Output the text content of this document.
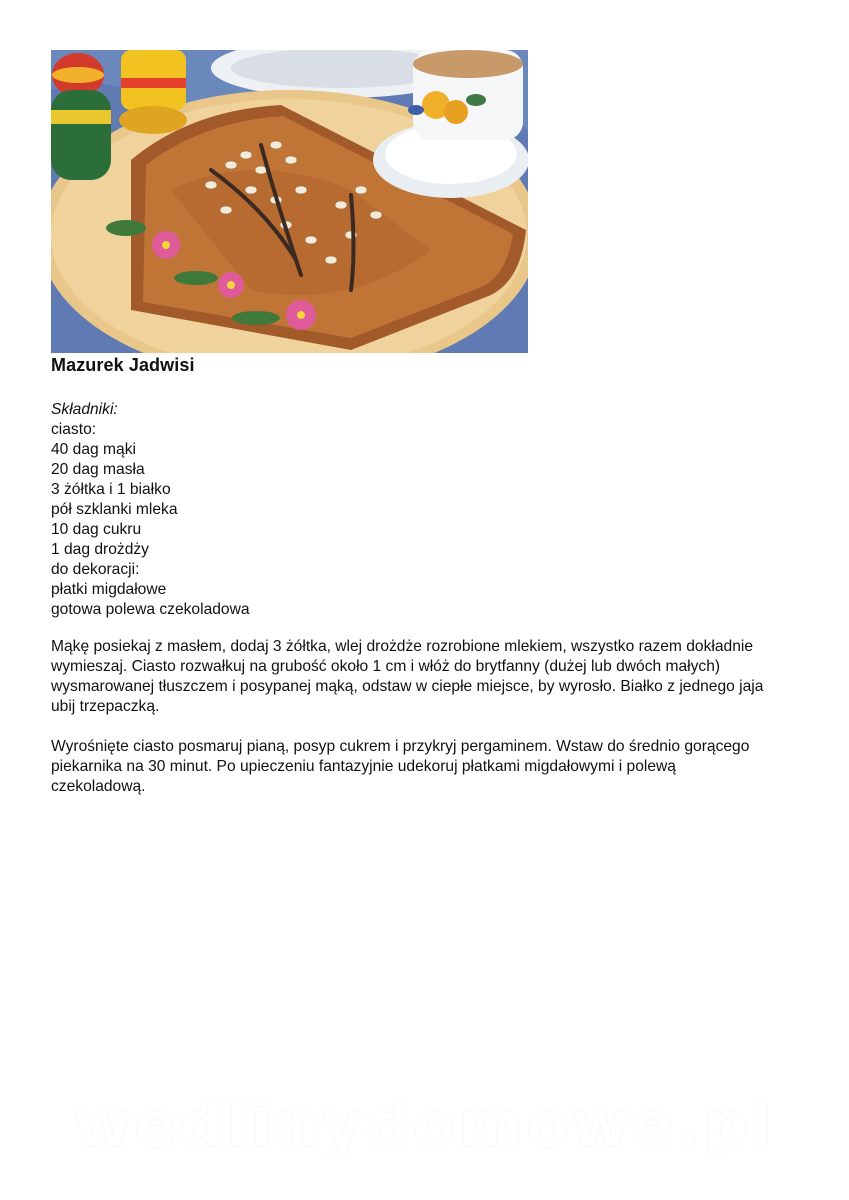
Mazurek Jadwisi
Składniki:
ciasto:
40 dag mąki
20 dag masła
3 żółtka i 1 białko
pół szklanki mleka
10 dag cukru
1 dag drożdży
do dekoracji:
płatki migdałowe
gotowa polewa czekoladowa

Mąkę posiekaj z masłem, dodaj 3 żółtka, wlej drożdże rozrobione mlekiem, wszystko razem dokładnie wymieszaj. Ciasto rozwałkuj na grubość około 1 cm i włóż do brytfanny (dużej lub dwóch małych) wysmarowanej tłuszczem i posypanej mąką, odstaw w ciepłe miejsce, by wyrosło. Białko z jednego jaja ubij trzepaczką.

Wyrośnięte ciasto posmaruj pianą, posyp cukrem i przykryj pergaminem. Wstaw do średnio gorącego piekarnika na 30 minut. Po upieczeniu fantazyjnie udekoruj płatkami migdałowymi i polewą czekoladową.

wedlinydomowe.pl
